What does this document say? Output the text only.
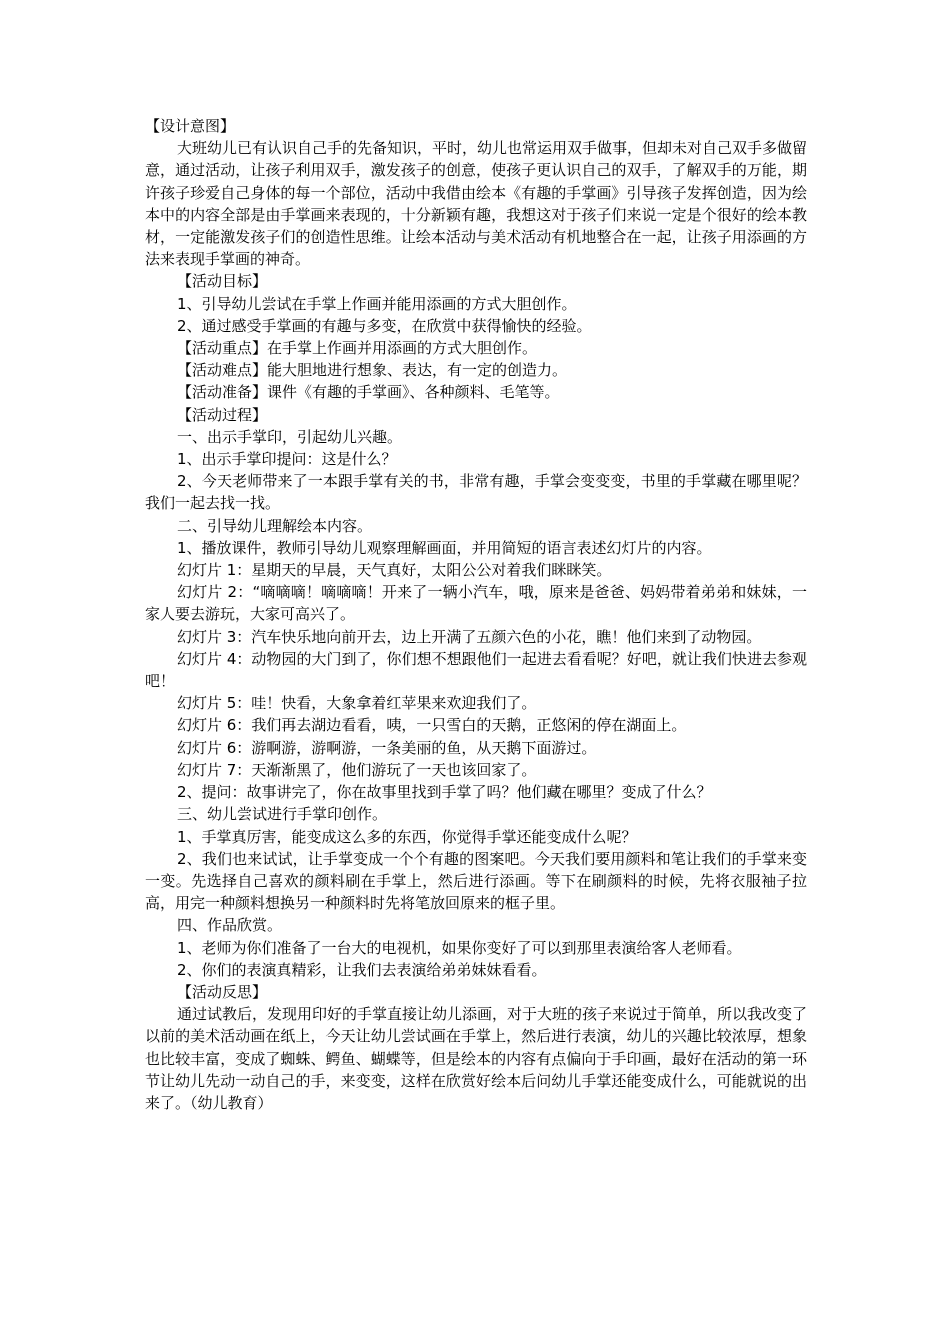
【设计意图】

大班幼儿已有认识自己手的先备知识，平时，幼儿也常运用双手做事，但却未对自己双手多做留意，通过活动，让孩子利用双手，激发孩子的创意，使孩子更认识自己的双手，了解双手的万能，期许孩子珍爱自己身体的每一个部位，活动中我借由绘本《有趣的手掌画》引导孩子发挥创造，因为绘本中的内容全部是由手掌画来表现的，十分新颖有趣，我想这对于孩子们来说一定是个很好的绘本教材，一定能激发孩子们的创造性思维。让绘本活动与美术活动有机地整合在一起，让孩子用添画的方法来表现手掌画的神奇。

【活动目标】

1、引导幼儿尝试在手掌上作画并能用添画的方式大胆创作。

2、通过感受手掌画的有趣与多变，在欣赏中获得愉快的经验。

【活动重点】在手掌上作画并用添画的方式大胆创作。

【活动难点】能大胆地进行想象、表达，有一定的创造力。

【活动准备】课件《有趣的手掌画》、各种颜料、毛笔等。

【活动过程】

一、出示手掌印，引起幼儿兴趣。

1、出示手掌印提问：这是什么？

2、今天老师带来了一本跟手掌有关的书，非常有趣，手掌会变变变，书里的手掌藏在哪里呢？我们一起去找一找。

二、引导幼儿理解绘本内容。

1、播放课件，教师引导幼儿观察理解画面，并用简短的语言表述幻灯片的内容。

幻灯片 1：星期天的早晨，天气真好，太阳公公对着我们眯眯笑。

幻灯片 2：“嘀嘀嘀！嘀嘀嘀！开来了一辆小汽车，哦，原来是爸爸、妈妈带着弟弟和妹妹，一家人要去游玩，大家可高兴了。

幻灯片 3：汽车快乐地向前开去，边上开满了五颜六色的小花，瞧！他们来到了动物园。

幻灯片 4：动物园的大门到了，你们想不想跟他们一起进去看看呢？好吧，就让我们快进去参观吧！

幻灯片 5：哇！快看，大象拿着红苹果来欢迎我们了。

幻灯片 6：我们再去湖边看看，咦，一只雪白的天鹅，正悠闲的停在湖面上。

幻灯片 6：游啊游，游啊游，一条美丽的鱼，从天鹅下面游过。

幻灯片 7：天渐渐黑了，他们游玩了一天也该回家了。

2、提问：故事讲完了，你在故事里找到手掌了吗？他们藏在哪里？变成了什么？

三、幼儿尝试进行手掌印创作。

1、手掌真厉害，能变成这么多的东西，你觉得手掌还能变成什么呢？

2、我们也来试试，让手掌变成一个个有趣的图案吧。今天我们要用颜料和笔让我们的手掌来变一变。先选择自己喜欢的颜料刷在手掌上，然后进行添画。等下在刷颜料的时候，先将衣服袖子拉高，用完一种颜料想换另一种颜料时先将笔放回原来的框子里。

四、作品欣赏。

1、老师为你们准备了一台大的电视机，如果你变好了可以到那里表演给客人老师看。

2、你们的表演真精彩，让我们去表演给弟弟妹妹看看。

【活动反思】

通过试教后，发现用印好的手掌直接让幼儿添画，对于大班的孩子来说过于简单，所以我改变了以前的美术活动画在纸上，今天让幼儿尝试画在手掌上，然后进行表演，幼儿的兴趣比较浓厚，想象也比较丰富，变成了蜘蛛、鳄鱼、蝴蝶等，但是绘本的内容有点偏向于手印画，最好在活动的第一环节让幼儿先动一动自己的手，来变变，这样在欣赏好绘本后问幼儿手掌还能变成什么，可能就说的出来了。（幼儿教育）
